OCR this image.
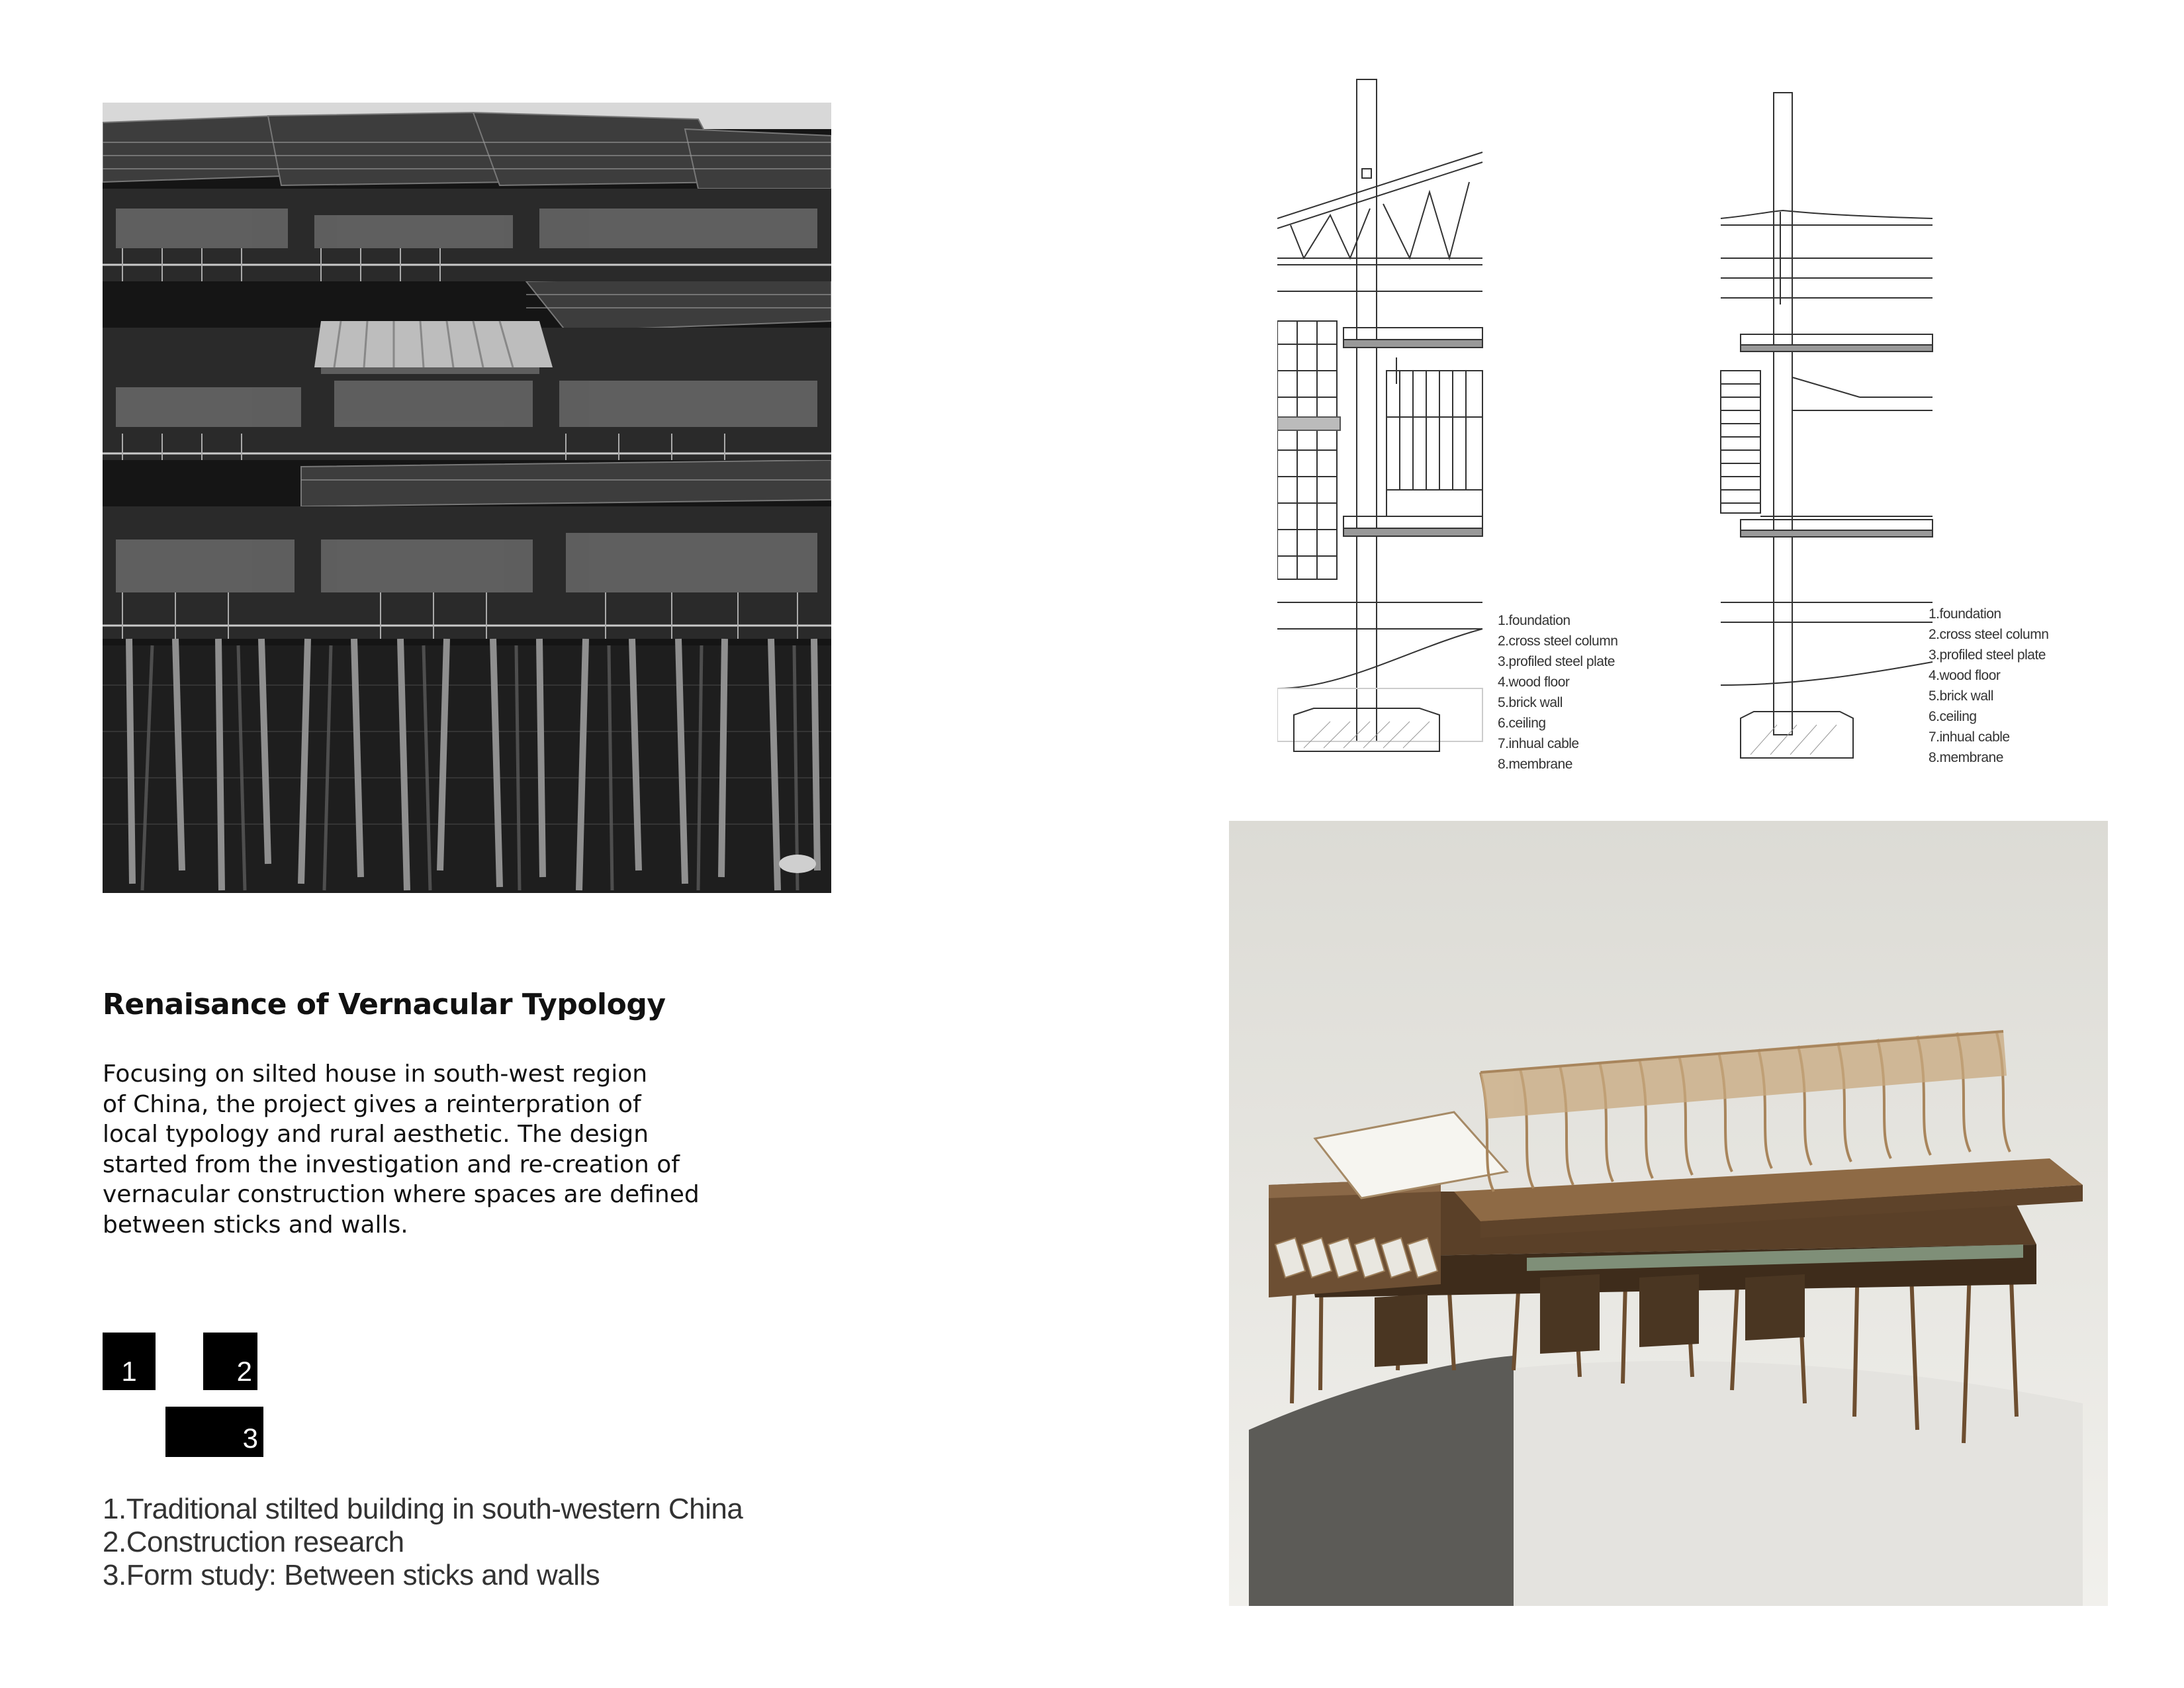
Renaisance of Vernacular Typology

Focusing on silted house in south-west region

of China, the project gives a reinterpration of

local typology and rural aesthetic. The design

started from the investigation and re-creation of

vernacular construction where spaces are defined

between sticks and walls.

1	2
3
1.Traditional stilted building in south-western China
2.Construction research
3.Form study: Between sticks and walls
1.foundation
2.cross steel column
3.profiled steel plate
4.wood floor
5.brick wall
6.ceiling
7.inhual cable
8.membrane
1.foundation
2.cross steel column
3.profiled steel plate
4.wood floor
5.brick wall
6.ceiling
7.inhual cable
8.membrane
